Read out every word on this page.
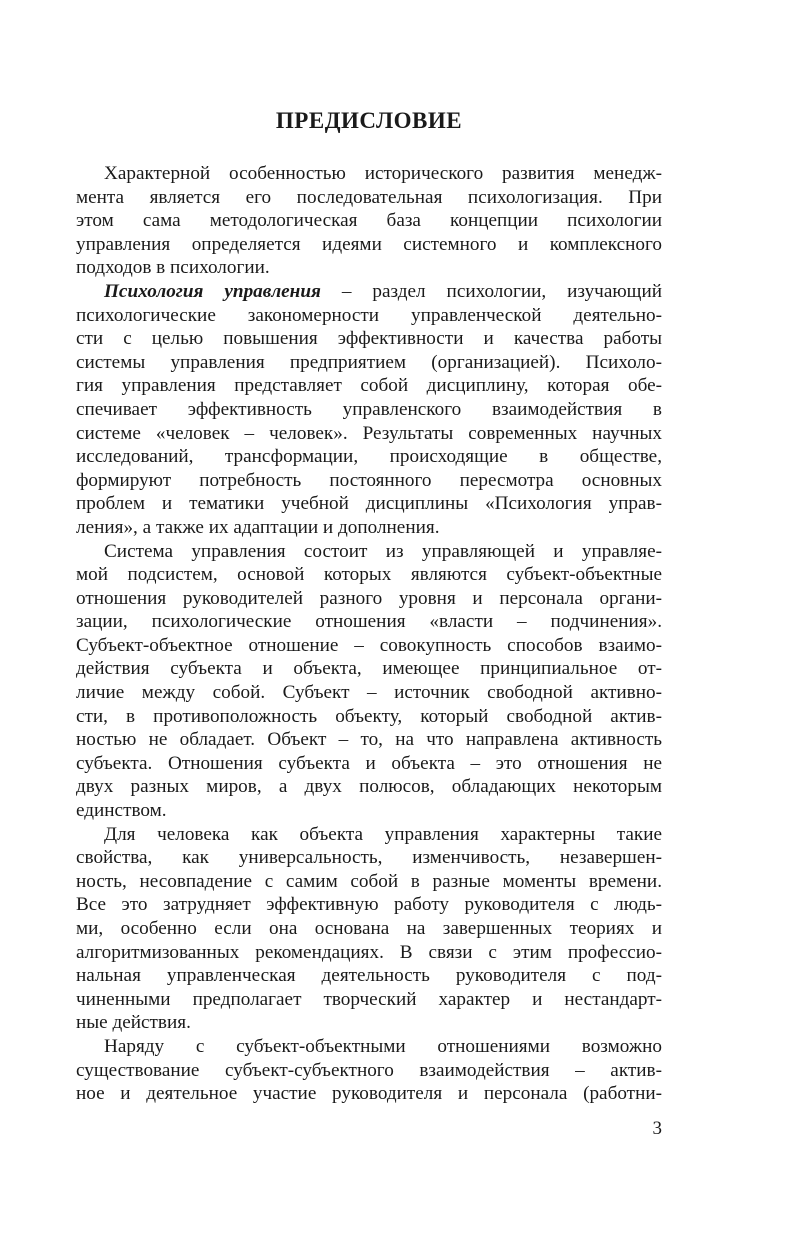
ПРЕДИСЛОВИЕ
Характерной особенностью исторического развития менедж-
мента является его последовательная психологизация. При
этом сама методологическая база концепции психологии
управления определяется идеями системного и комплексного
подходов в психологии.
Психология управления – раздел психологии, изучающий
психологические закономерности управленческой деятельно-
сти с целью повышения эффективности и качества работы
системы управления предприятием (организацией). Психоло-
гия управления представляет собой дисциплину, которая обе-
спечивает эффективность управленского взаимодействия в
системе «человек – человек». Результаты современных научных
исследований, трансформации, происходящие в обществе,
формируют потребность постоянного пересмотра основных
проблем и тематики учебной дисциплины «Психология управ-
ления», а также их адаптации и дополнения.
Система управления состоит из управляющей и управляе-
мой подсистем, основой которых являются субъект-объектные
отношения руководителей разного уровня и персонала органи-
зации, психологические отношения «власти – подчинения».
Субъект-объектное отношение – совокупность способов взаимо-
действия субъекта и объекта, имеющее принципиальное от-
личие между собой. Субъект – источник свободной активно-
сти, в противоположность объекту, который свободной актив-
ностью не обладает. Объект – то, на что направлена активность
субъекта. Отношения субъекта и объекта – это отношения не
двух разных миров, а двух полюсов, обладающих некоторым
единством.
Для человека как объекта управления характерны такие
свойства, как универсальность, изменчивость, незавершен-
ность, несовпадение с самим собой в разные моменты времени.
Все это затрудняет эффективную работу руководителя с людь-
ми, особенно если она основана на завершенных теориях и
алгоритмизованных рекомендациях. В связи с этим профессио-
нальная управленческая деятельность руководителя с под-
чиненными предполагает творческий характер и нестандарт-
ные действия.
Наряду с субъект-объектными отношениями возможно
существование субъект-субъектного взаимодействия – актив-
ное и деятельное участие руководителя и персонала (работни-
3
